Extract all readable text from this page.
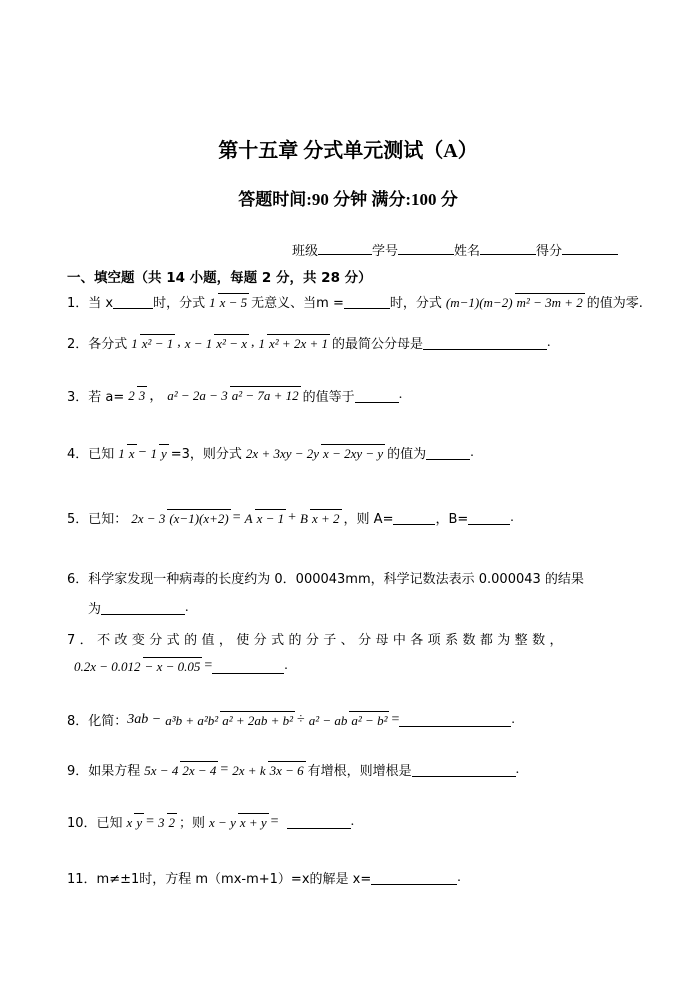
第十五章 分式单元测试（A）
答题时间:90 分钟 满分:100 分
班级	学号	姓名	得分
一、填空题（共 14 小题，每题 2 分，共 28 分）
1．当 x	时，分式 1 x − 5 无意义、当m =	时，分式 (m−1)(m−2) m² − 3m + 2 的值为零.
2．各分式 1 x² − 1 , x − 1 x² − x , 1 x² + 2x + 1 的最简公分母是	.
3．若 a= 2 3 ， a² − 2a − 3 a² − 7a + 12 的值等于	.
4．已知 1 x − 1 y =3，则分式 2x + 3xy − 2y x − 2xy − y 的值为	.
5．已知： 2x − 3 (x−1)(x+2) = A x − 1 + B x + 2 ，则 A=	，B=	.
6．科学家发现一种病毒的长度约为 0．000043mm，科学记数法表示 0.000043 的结果
为	.
7．不改变分式的值，使分式的分子、分母中各项系数都为整数，
0.2x − 0.012 − x − 0.05 =	.
8．化简： 3ab − a³b + a²b² a² + 2ab + b² ÷ a² − ab a² − b² =	.
9．如果方程 5x − 4 2x − 4 = 2x + k 3x − 6 有增根，则增根是	.
10．已知 x y = 3 2 ；则 x − y x + y =	.
11．m≠±1时，方程 m（mx-m+1）=x的解是 x=	.
